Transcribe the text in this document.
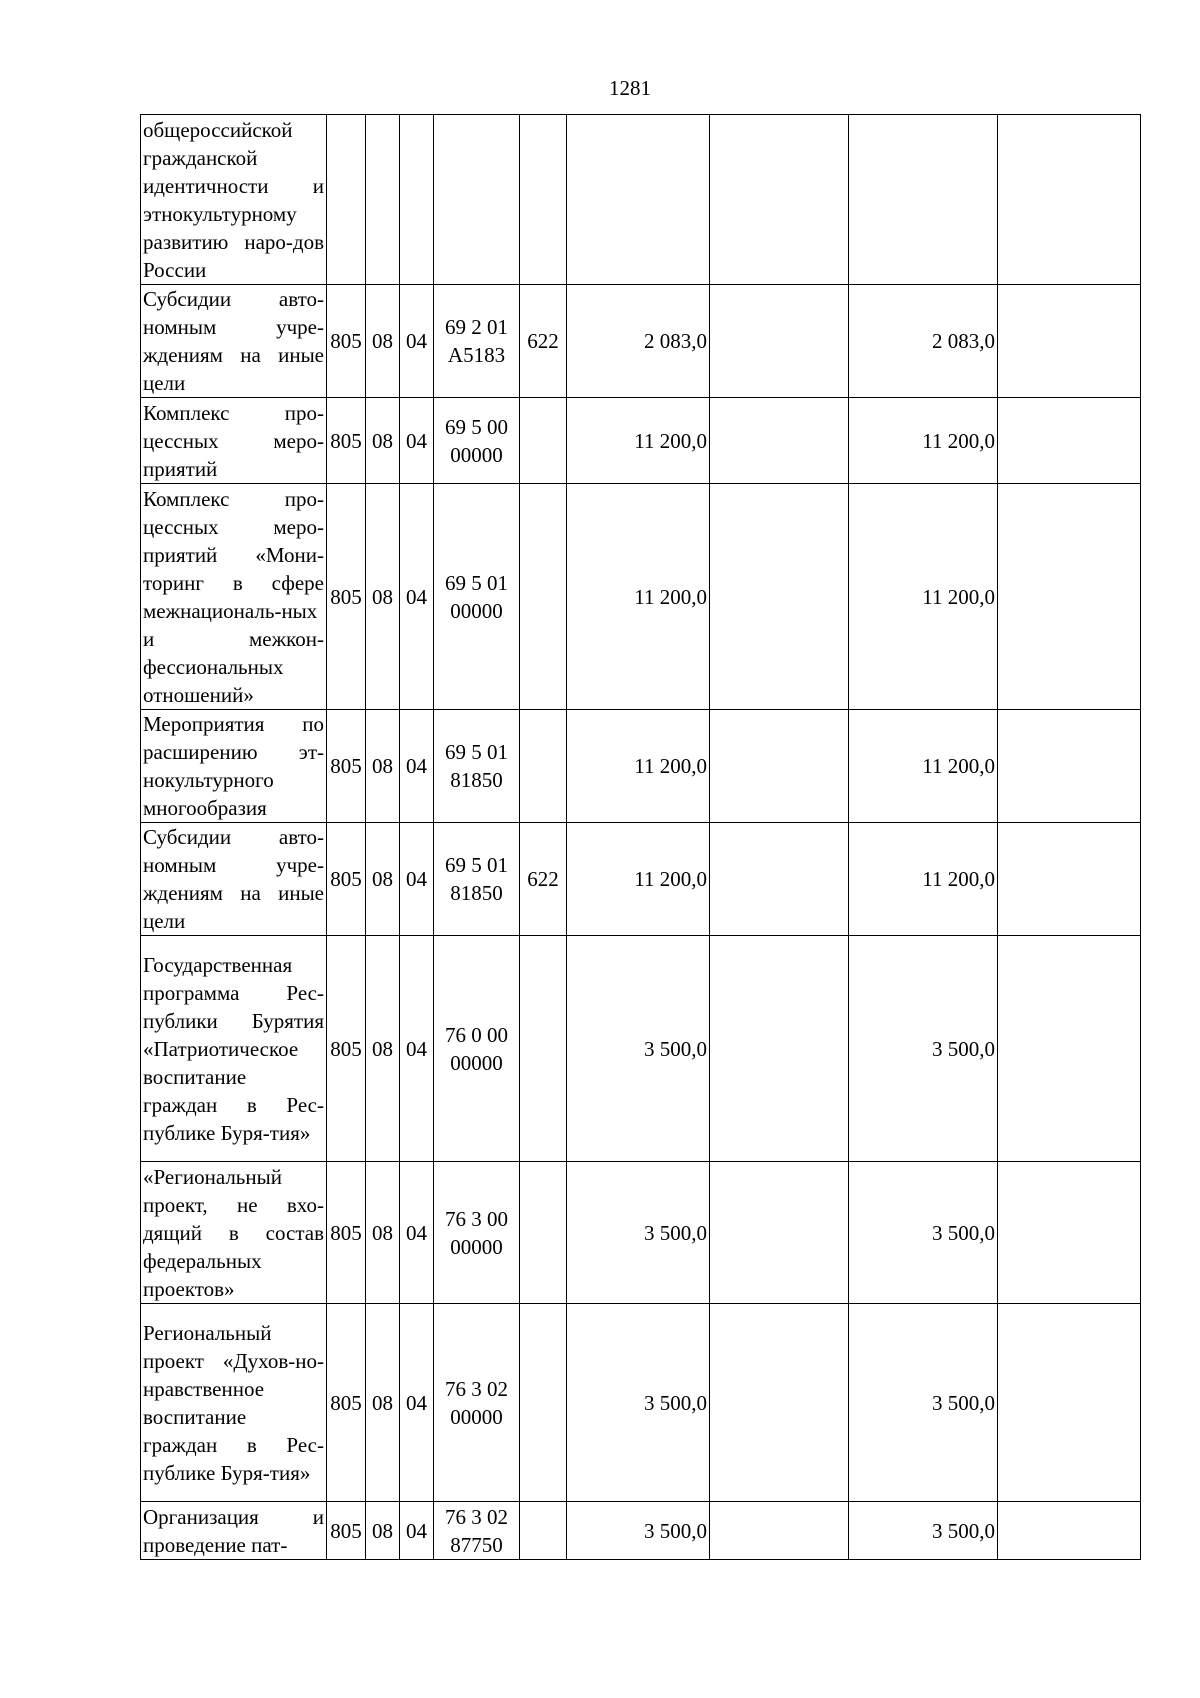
1281
общероссийской гражданской идентичности и этнокультурному развитию наро-дов России									
Субсидии авто-номным учре-ждениям на иные цели	805	08	04	69 2 01 А5183	622	2 083,0		2 083,0	
Комплекс про-цессных меро-приятий	805	08	04	69 5 00 00000		11 200,0		11 200,0	
Комплекс про-цессных меро-приятий «Мони-торинг в сфере межнациональ-ных и межкон-фессиональных отношений»	805	08	04	69 5 01 00000		11 200,0		11 200,0	
Мероприятия по расширению эт-нокультурного многообразия	805	08	04	69 5 01 81850		11 200,0		11 200,0	
Субсидии авто-номным учре-ждениям на иные цели	805	08	04	69 5 01 81850	622	11 200,0		11 200,0	
Государственная программа Рес-публики Бурятия «Патриотическое воспитание граждан в Рес-публике Буря-тия»	805	08	04	76 0 00 00000		3 500,0		3 500,0	
«Региональный проект, не вхо-дящий в состав федеральных проектов»	805	08	04	76 3 00 00000		3 500,0		3 500,0	
Региональный проект «Духов-но-нравственное воспитание граждан в Рес-публике Буря-тия»	805	08	04	76 3 02 00000		3 500,0		3 500,0	
Организация и проведение пат-	805	08	04	76 3 02 87750		3 500,0		3 500,0	
